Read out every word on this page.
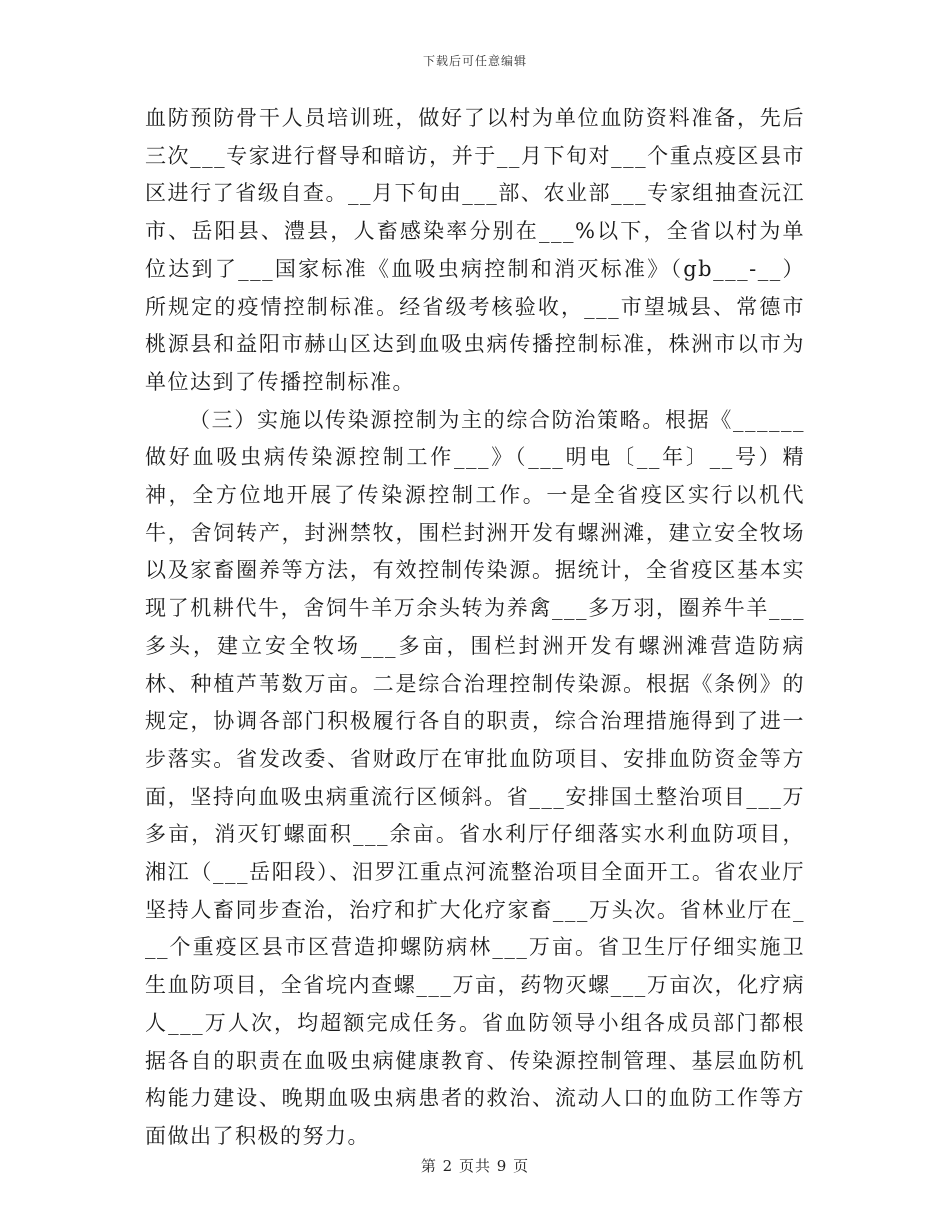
下载后可任意编辑

血防预防骨干人员培训班，做好了以村为单位血防资料准备，先后三次___专家进行督导和暗访，并于__月下旬对___个重点疫区县市区进行了省级自查。__月下旬由___部、农业部___专家组抽查沅江市、岳阳县、澧县，人畜感染率分别在___%以下，全省以村为单位达到了___国家标准《血吸虫病控制和消灭标准》（gb___-__）所规定的疫情控制标准。经省级考核验收，___市望城县、常德市桃源县和益阳市赫山区达到血吸虫病传播控制标准，株洲市以市为单位达到了传播控制标准。

（三）实施以传染源控制为主的综合防治策略。根据《______做好血吸虫病传染源控制工作___》（___明电〔__年〕__号）精神，全方位地开展了传染源控制工作。一是全省疫区实行以机代牛，舍饲转产，封洲禁牧，围栏封洲开发有螺洲滩，建立安全牧场以及家畜圈养等方法，有效控制传染源。据统计，全省疫区基本实现了机耕代牛，舍饲牛羊万余头转为养禽___多万羽，圈养牛羊___多头，建立安全牧场___多亩，围栏封洲开发有螺洲滩营造防病林、种植芦苇数万亩。二是综合治理控制传染源。根据《条例》的规定，协调各部门积极履行各自的职责，综合治理措施得到了进一步落实。省发改委、省财政厅在审批血防项目、安排血防资金等方面，坚持向血吸虫病重流行区倾斜。省___安排国土整治项目___万多亩，消灭钉螺面积___余亩。省水利厅仔细落实水利血防项目，湘江（___岳阳段）、汨罗江重点河流整治项目全面开工。省农业厅坚持人畜同步查治，治疗和扩大化疗家畜___万头次。省林业厅在___个重疫区县市区营造抑螺防病林___万亩。省卫生厅仔细实施卫生血防项目，全省垸内查螺___万亩，药物灭螺___万亩次，化疗病人___万人次，均超额完成任务。省血防领导小组各成员部门都根据各自的职责在血吸虫病健康教育、传染源控制管理、基层血防机构能力建设、晚期血吸虫病患者的救治、流动人口的血防工作等方面做出了积极的努力。

第 2 页共 9 页
